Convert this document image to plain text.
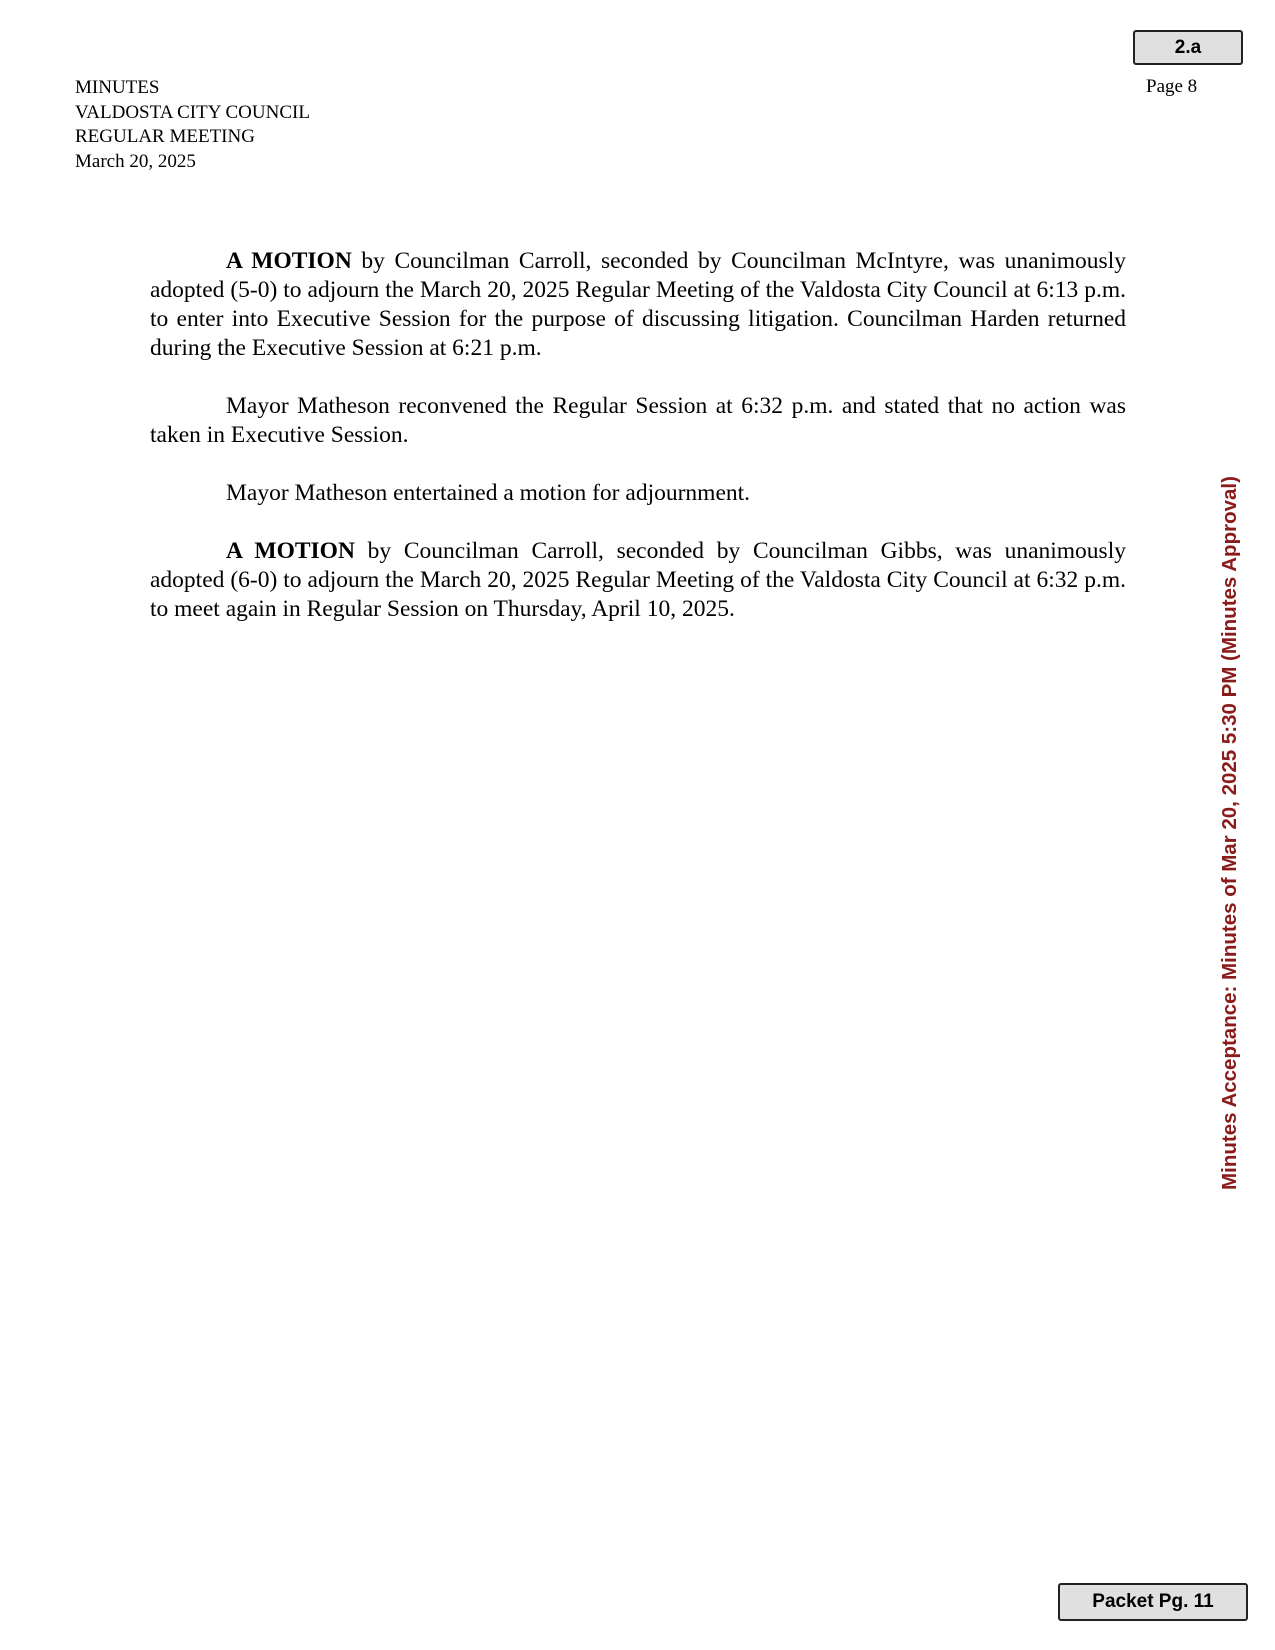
2.a
Page 8
MINUTES
VALDOSTA CITY COUNCIL
REGULAR MEETING
March 20, 2025

A MOTION by Councilman Carroll, seconded by Councilman McIntyre, was unanimously adopted (5-0) to adjourn the March 20, 2025 Regular Meeting of the Valdosta City Council at 6:13 p.m. to enter into Executive Session for the purpose of discussing litigation. Councilman Harden returned during the Executive Session at 6:21 p.m.

Mayor Matheson reconvened the Regular Session at 6:32 p.m. and stated that no action was taken in Executive Session.

Mayor Matheson entertained a motion for adjournment.

A MOTION by Councilman Carroll, seconded by Councilman Gibbs, was unanimously adopted (6-0) to adjourn the March 20, 2025 Regular Meeting of the Valdosta City Council at 6:32 p.m. to meet again in Regular Session on Thursday, April 10, 2025.	Minutes Acceptance: Minutes of Mar 20, 2025 5:30 PM (Minutes Approval)
Packet Pg. 11
